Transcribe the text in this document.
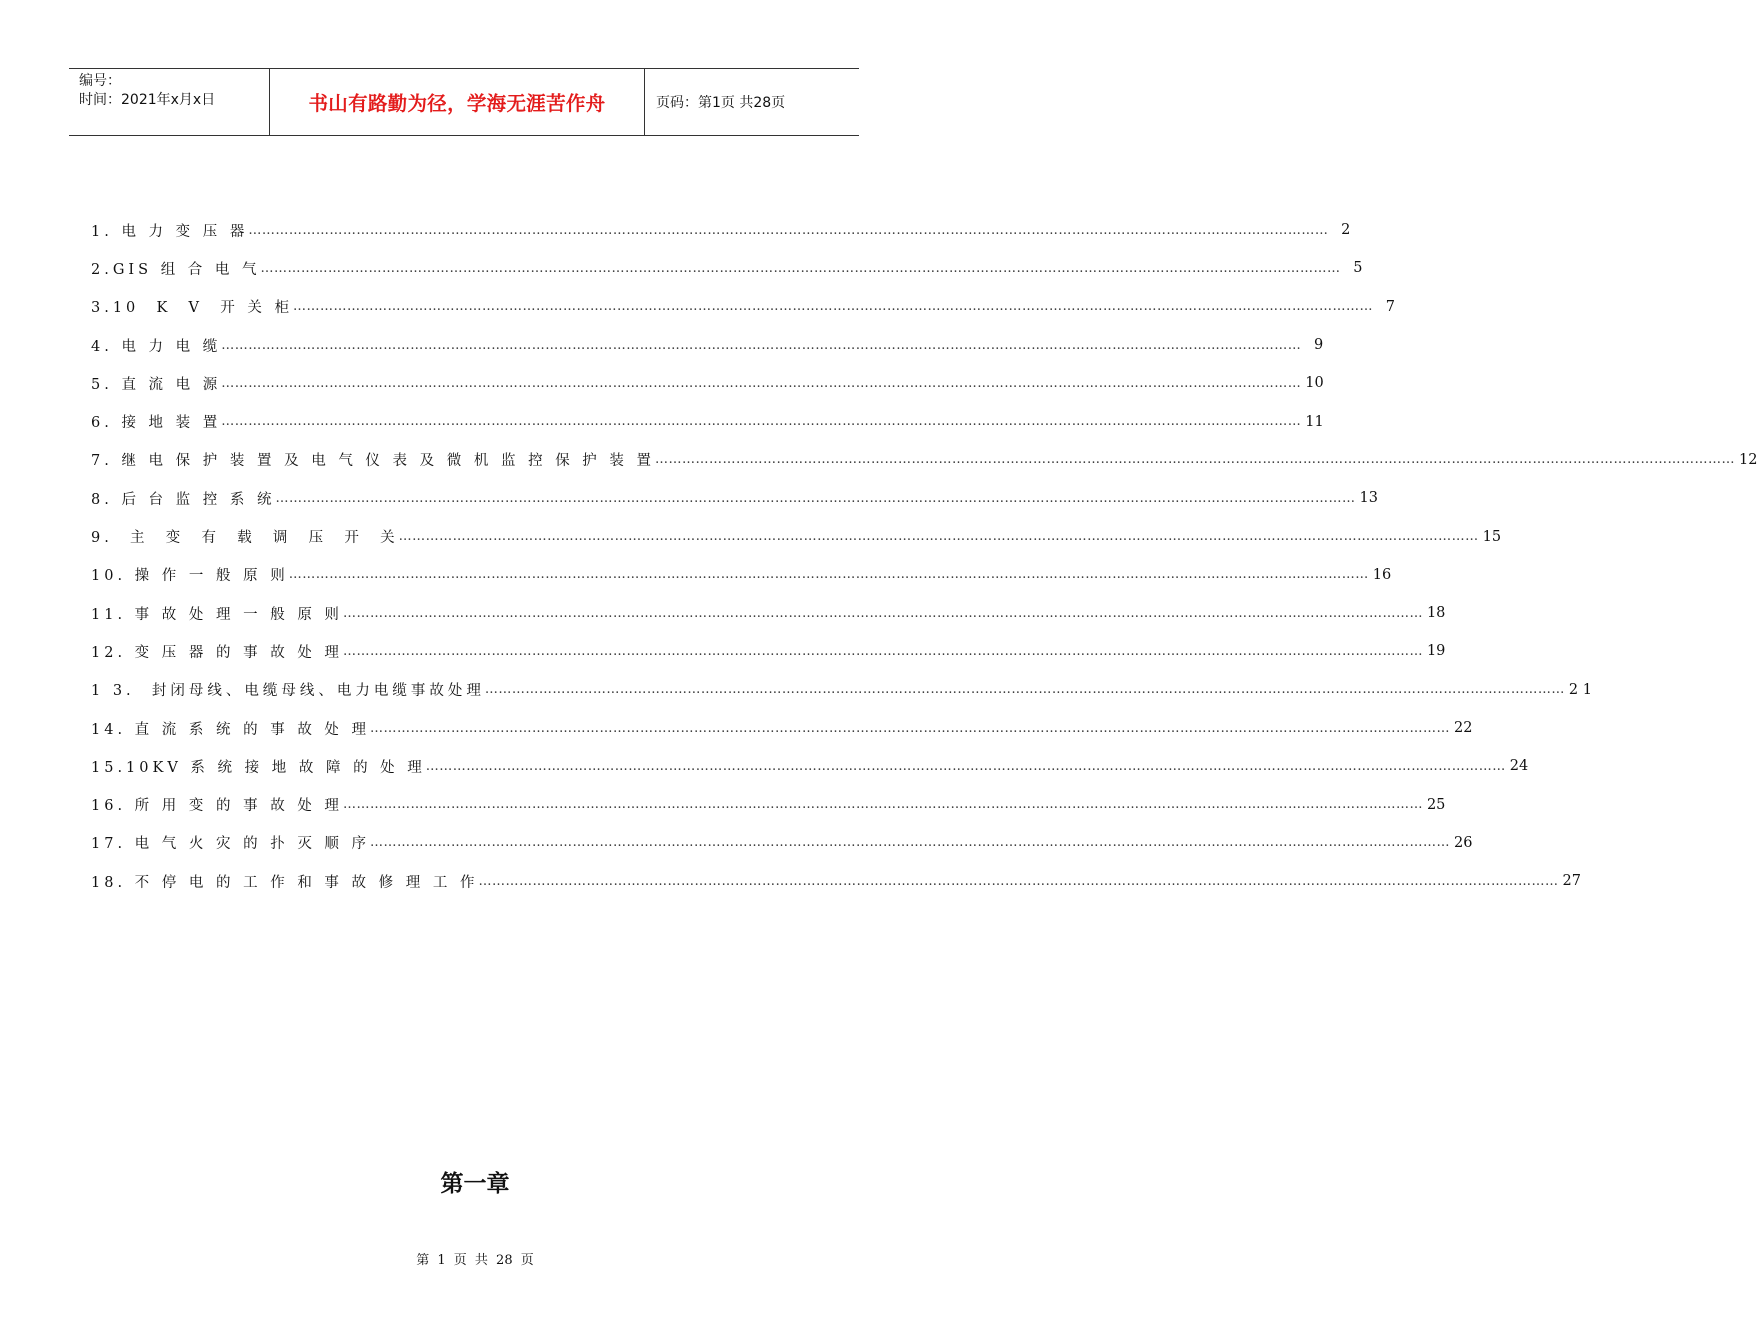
编号：
时间：2021年x月x日	书山有路勤为径，学海无涯苦作舟	页码：第1页 共28页
1. 电 力 变 压 器 …………………………………………………………………………………………………………………………………………………………………………………………………………………… 2
2.GIS 组 合 电 气 …………………………………………………………………………………………………………………………………………………………………………………………………………………… 5
3.10  K  V  开 关 柜 …………………………………………………………………………………………………………………………………………………………………………………………………………………… 7
4. 电 力 电 缆 …………………………………………………………………………………………………………………………………………………………………………………………………………………… 9
5. 直 流 电 源 …………………………………………………………………………………………………………………………………………………………………………………………………………………… 10
6. 接 地 装 置 …………………………………………………………………………………………………………………………………………………………………………………………………………………… 11
7. 继 电 保 护 装 置 及 电 气 仪 表 及 微 机 监 控 保 护 装 置 …………………………………………………………………………………………………………………………………………………………………………………………………………………… 12
8. 后 台 监 控 系 统 …………………………………………………………………………………………………………………………………………………………………………………………………………………… 13
9.  主  变  有  载  调  压  开  关 …………………………………………………………………………………………………………………………………………………………………………………………………………………… 15
10. 操 作 一 般 原 则 …………………………………………………………………………………………………………………………………………………………………………………………………………………… 16
11. 事 故 处 理 一 般 原 则 …………………………………………………………………………………………………………………………………………………………………………………………………………………… 18
12. 变 压 器 的 事 故 处 理 …………………………………………………………………………………………………………………………………………………………………………………………………………………… 19
1 3.  封闭母线、电缆母线、电力电缆事故处理 …………………………………………………………………………………………………………………………………………………………………………………………………………………… 2 1
14. 直 流 系 统 的 事 故 处 理 …………………………………………………………………………………………………………………………………………………………………………………………………………………… 22
15.10KV 系 统 接 地 故 障 的 处 理 …………………………………………………………………………………………………………………………………………………………………………………………………………………… 24
16. 所 用 变 的 事 故 处 理 …………………………………………………………………………………………………………………………………………………………………………………………………………………… 25
17. 电 气 火 灾 的 扑 灭 顺 序 …………………………………………………………………………………………………………………………………………………………………………………………………………………… 26
18. 不 停 电 的 工 作 和 事 故 修 理 工 作 …………………………………………………………………………………………………………………………………………………………………………………………………………………… 27
第一章
第 1 页 共 28 页
